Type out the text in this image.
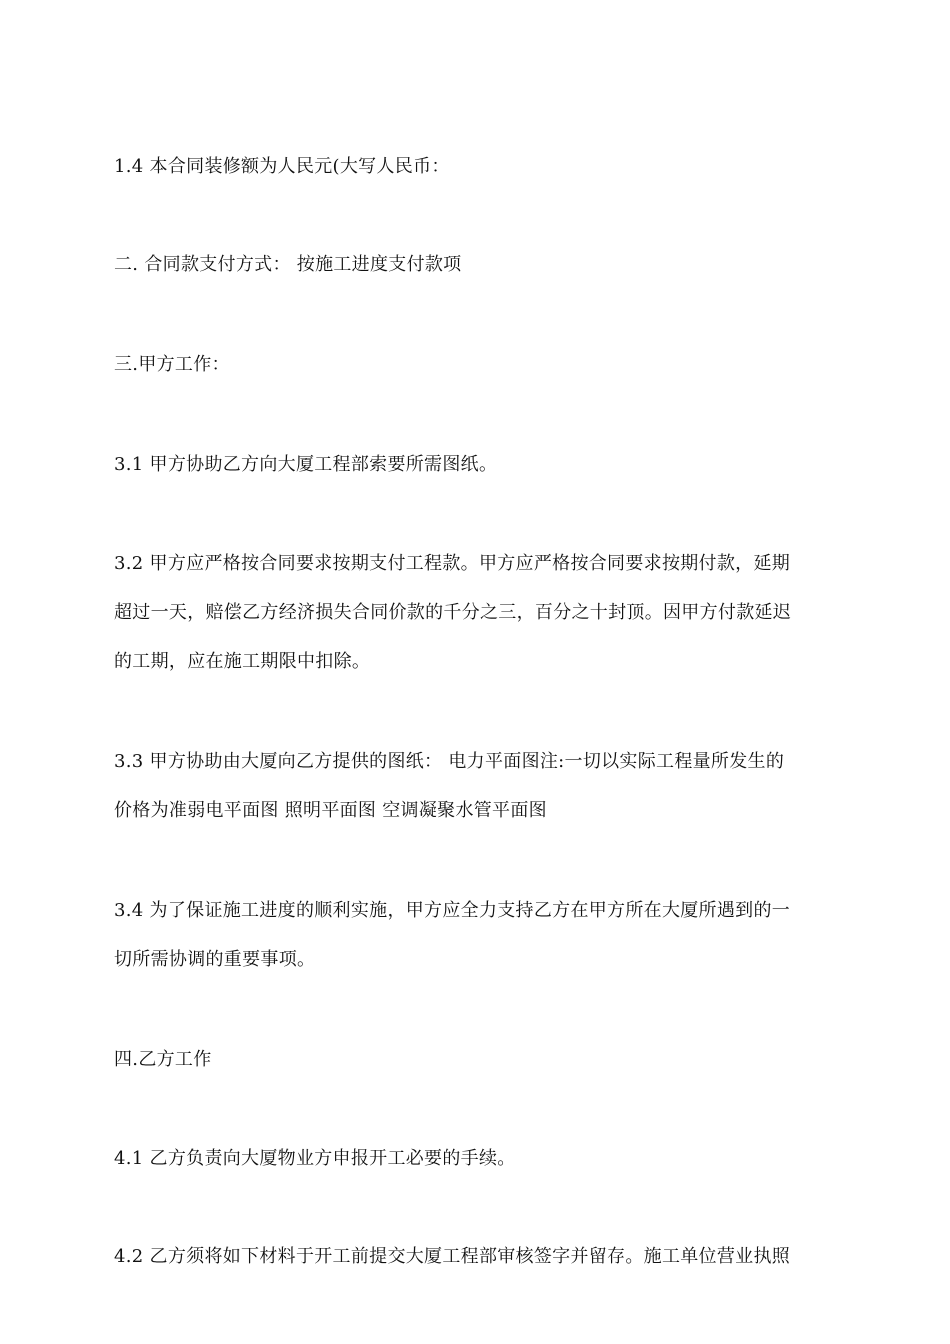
1.4 本合同装修额为人民元(大写人民币：

二. 合同款支付方式： 按施工进度支付款项

三.甲方工作：

3.1 甲方协助乙方向大厦工程部索要所需图纸。

3.2 甲方应严格按合同要求按期支付工程款。甲方应严格按合同要求按期付款，延期
超过一天，赔偿乙方经济损失合同价款的千分之三，百分之十封顶。因甲方付款延迟
的工期，应在施工期限中扣除。

3.3 甲方协助由大厦向乙方提供的图纸： 电力平面图注:一切以实际工程量所发生的
价格为准弱电平面图 照明平面图 空调凝聚水管平面图

3.4 为了保证施工进度的顺利实施，甲方应全力支持乙方在甲方所在大厦所遇到的一
切所需协调的重要事项。

四.乙方工作

4.1 乙方负责向大厦物业方申报开工必要的手续。

4.2 乙方须将如下材料于开工前提交大厦工程部审核签字并留存。施工单位营业执照
